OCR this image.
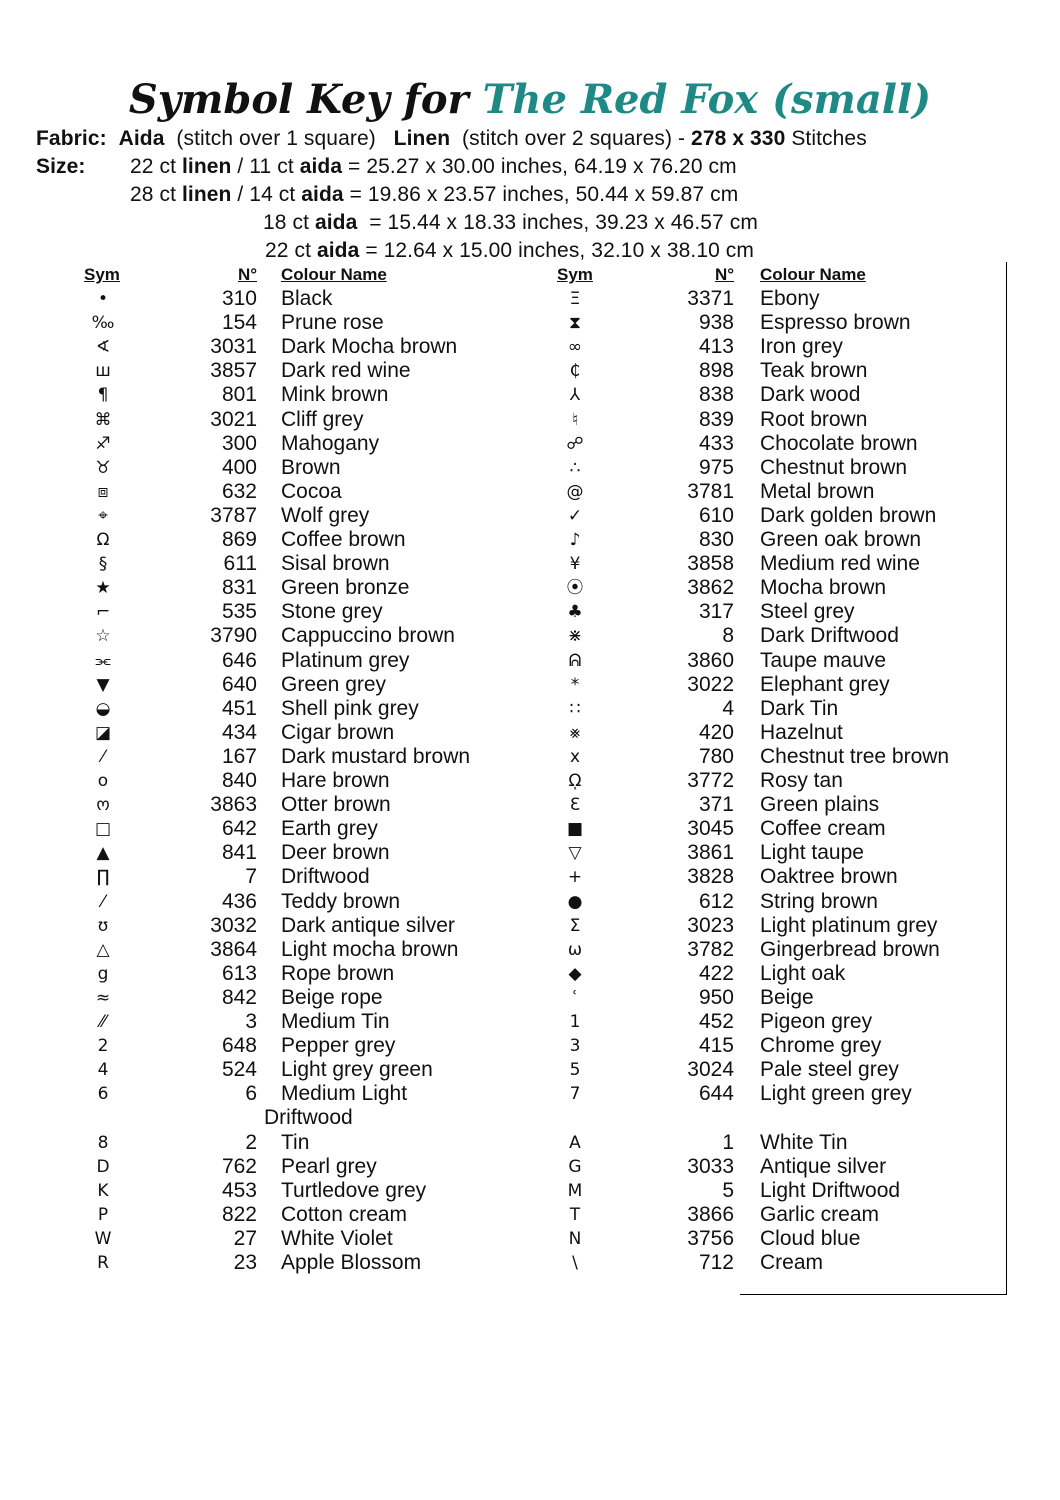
Symbol Key for The Red Fox (small)
Fabric: Aida (stitch over 1 square) Linen (stitch over 2 squares) - 278 x 330 Stitches
Size: 22 ct linen / 11 ct aida = 25.27 x 30.00 inches, 64.19 x 76.20 cm
28 ct linen / 14 ct aida = 19.86 x 23.57 inches, 50.44 x 59.87 cm
18 ct aida  = 15.44 x 18.33 inches, 39.23 x 46.57 cm
22 ct aida = 12.64 x 15.00 inches, 32.10 x 38.10 cm
Sym	N° Colour Name	Sym	N° Colour Name
•	310 Black
‰	154 Prune rose
∢	3031 Dark Mocha brown
ш	3857 Dark red wine
¶	801 Mink brown
⌘	3021 Cliff grey
♐	300 Mahogany
♉	400 Brown
⧈	632 Cocoa
⌖	3787 Wolf grey
Ω	869 Coffee brown
§	611 Sisal brown
★	831 Green bronze
⌐	535 Stone grey
☆	3790 Cappuccino brown
⫘	646 Platinum grey
▼	640 Green grey
◒	451 Shell pink grey
◪	434 Cigar brown
⁄	167 Dark mustard brown
o	840 Hare brown
ო	3863 Otter brown
□	642 Earth grey
▲	841 Deer brown
∏	7 Driftwood
⁄	436 Teddy brown
ʊ	3032 Dark antique silver
△	3864 Light mocha brown
g	613 Rope brown
≈	842 Beige rope
⁄⁄	3 Medium Tin
2	648 Pepper grey
4	524 Light grey green
6	6 Medium Light
Driftwood
8	2 Tin
D	762 Pearl grey
K	453 Turtledove grey
P	822 Cotton cream
W	27 White Violet
R	23 Apple Blossom
Ξ	3371 Ebony
⧗	938 Espresso brown
∞	413 Iron grey
₵	898 Teak brown
⅄	838 Dark wood
♮	839 Root brown
☍	433 Chocolate brown
∴	975 Chestnut brown
@	3781 Metal brown
✓	610 Dark golden brown
♪	830 Green oak brown
¥	3858 Medium red wine
⦿	3862 Mocha brown
♣	317 Steel grey
⋇	8 Dark Driftwood
ᕱ	3860 Taupe mauve
*	3022 Elephant grey
∷	4 Dark Tin
⨳	420 Hazelnut
x	780 Chestnut tree brown
ῼ	3772 Rosy tan
Ɛ	371 Green plains
■	3045 Coffee cream
▽	3861 Light taupe
+	3828 Oaktree brown
●	612 String brown
Σ	3023 Light platinum grey
ω	3782 Gingerbread brown
◆	422 Light oak
ʿ	950 Beige
1	452 Pigeon grey
3	415 Chrome grey
5	3024 Pale steel grey
7	644 Light green grey
A	1 White Tin
G	3033 Antique silver
M	5 Light Driftwood
T	3866 Garlic cream
N	3756 Cloud blue
\	712 Cream
